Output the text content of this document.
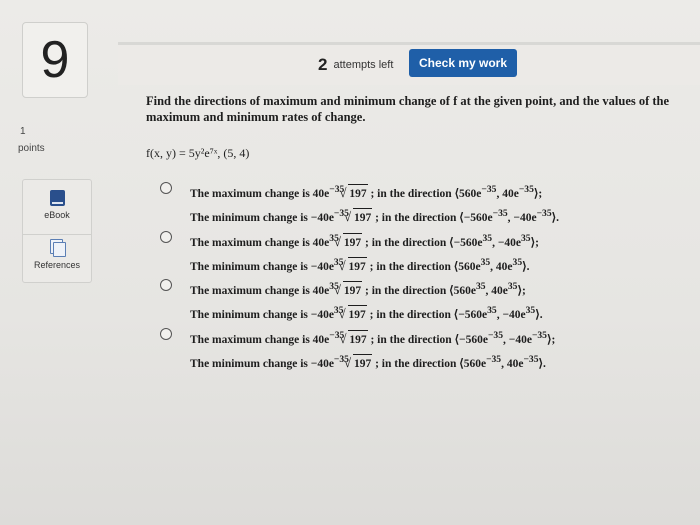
9	2 attempts left	Check my work
1
points
eBook
References
Find the directions of maximum and minimum change of f at the given point, and the values of the maximum and minimum rates of change.
f(x, y) = 5y²e⁷ˣ, (5, 4)
The maximum change is $40e^{-35}√$ 197 ; in the direction $⟨560e^{-35}$, $40e^{-35}⟩$;
The minimum change is $-40e^{-35}√$ 197 ; in the direction $⟨-560e^{-35}$, $-40e^{-35}⟩$.
The maximum change is $40e^{35}√$ 197 ; in the direction $⟨-560e^{35}$, $-40e^{35}⟩$;
The minimum change is $-40e^{35}√$ 197 ; in the direction $⟨560e^{35}$, $40e^{35}⟩$.
The maximum change is $40e^{35}√$ 197 ; in the direction $⟨560e^{35}$, $40e^{35}⟩$;
The minimum change is $-40e^{35}√$ 197 ; in the direction $⟨-560e^{35}$, $-40e^{35}⟩$.
The maximum change is $40e^{-35}√$ 197 ; in the direction $⟨-560e^{-35}$, $-40e^{-35}⟩$;
The minimum change is $-40e^{-35}√$ 197 ; in the direction $⟨560e^{-35}$, $40e^{-35}⟩$.
